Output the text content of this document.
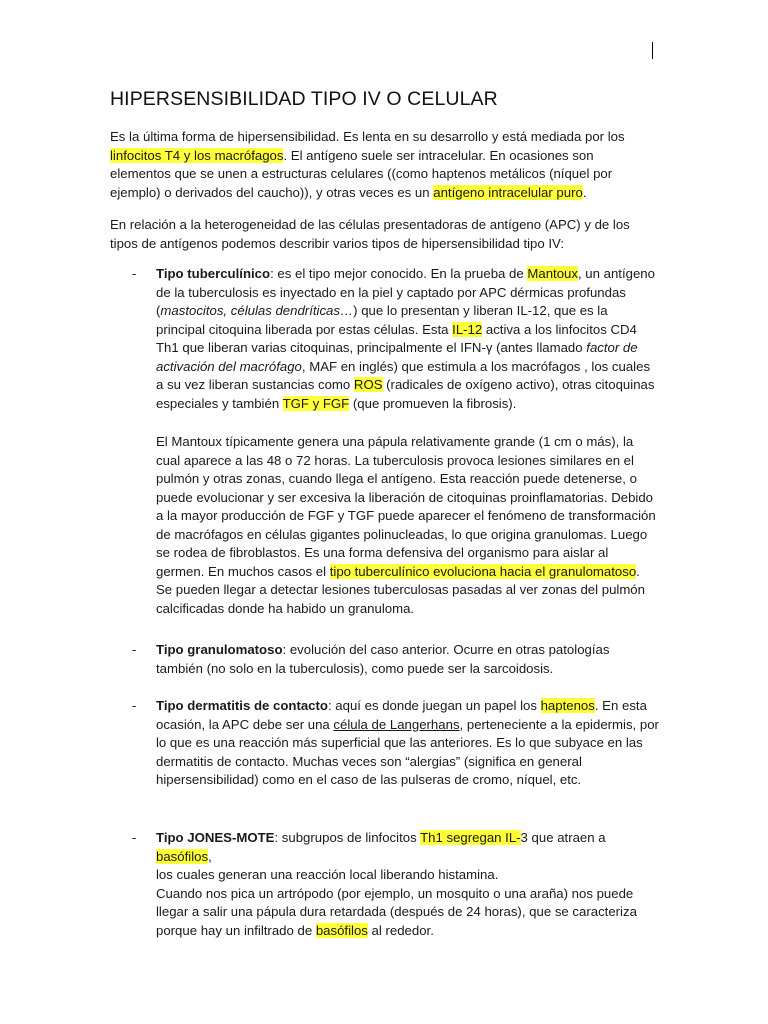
HIPERSENSIBILIDAD TIPO IV O CELULAR

Es la última forma de hipersensibilidad. Es lenta en su desarrollo y está mediada por los linfocitos T4 y los macrófagos. El antígeno suele ser intracelular. En ocasiones son elementos que se unen a estructuras celulares ((como haptenos metálicos (níquel por ejemplo) o derivados del caucho)), y otras veces es un antígeno intracelular puro.

En relación a la heterogeneidad de las células presentadoras de antígeno (APC) y de los tipos de antígenos podemos describir varios tipos de hipersensibilidad tipo IV:

- Tipo tuberculínico: es el tipo mejor conocido. En la prueba de Mantoux, un antígeno de la tuberculosis es inyectado en la piel y captado por APC dérmicas profundas (mastocitos, células dendríticas…) que lo presentan y liberan IL-12, que es la principal citoquina liberada por estas células. Esta IL-12 activa a los linfocitos CD4 Th1 que liberan varias citoquinas, principalmente el IFN-γ (antes llamado factor de activación del macrófago, MAF en inglés) que estimula a los macrófagos , los cuales a su vez liberan sustancias como ROS (radicales de oxígeno activo), otras citoquinas especiales y también TGF y FGF (que promueven la fibrosis).

El Mantoux típicamente genera una pápula relativamente grande (1 cm o más), la cual aparece a las 48 o 72 horas. La tuberculosis provoca lesiones similares en el pulmón y otras zonas, cuando llega el antígeno. Esta reacción puede detenerse, o puede evolucionar y ser excesiva la liberación de citoquinas proinflamatorias. Debido a la mayor producción de FGF y TGF puede aparecer el fenómeno de transformación de macrófagos en células gigantes polinucleadas, lo que origina granulomas. Luego se rodea de fibroblastos. Es una forma defensiva del organismo para aislar al germen. En muchos casos el tipo tuberculínico evoluciona hacia el granulomatoso.
Se pueden llegar a detectar lesiones tuberculosas pasadas al ver zonas del pulmón calcificadas donde ha habido un granuloma.

- Tipo granulomatoso: evolución del caso anterior. Ocurre en otras patologías también (no solo en la tuberculosis), como puede ser la sarcoidosis.

- Tipo dermatitis de contacto: aquí es donde juegan un papel los haptenos. En esta ocasión, la APC debe ser una célula de Langerhans, perteneciente a la epidermis, por lo que es una reacción más superficial que las anteriores. Es lo que subyace en las dermatitis de contacto. Muchas veces son “alergias” (significa en general hipersensibilidad) como en el caso de las pulseras de cromo, níquel, etc.

- Tipo JONES-MOTE: subgrupos de linfocitos Th1 segregan IL-3 que atraen a basófilos,
los cuales generan una reacción local liberando histamina.
Cuando nos pica un artrópodo (por ejemplo, un mosquito o una araña) nos puede llegar a salir una pápula dura retardada (después de 24 horas), que se caracteriza porque hay un infiltrado de basófilos al rededor.
